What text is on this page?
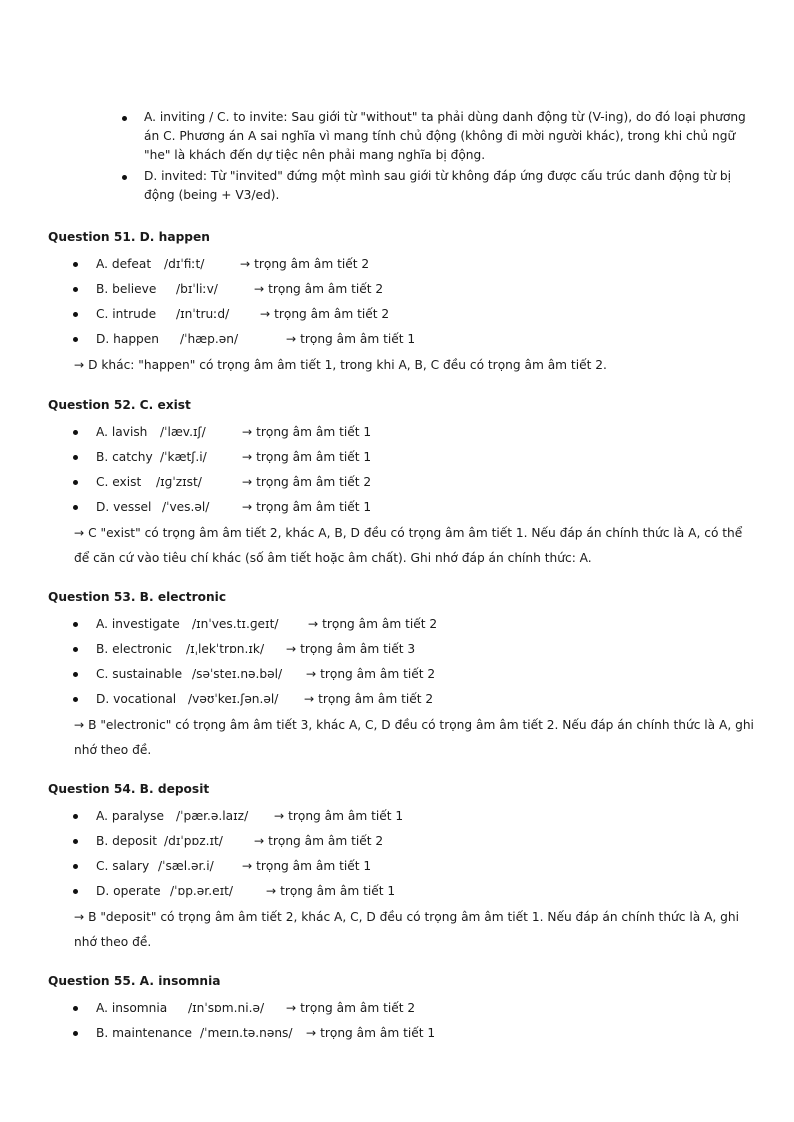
A. inviting / C. to invite: Sau giới từ "without" ta phải dùng danh động từ (V-ing), do đó loại phương án C. Phương án A sai nghĩa vì mang tính chủ động (không đi mời người khác), trong khi chủ ngữ "he" là khách đến dự tiệc nên phải mang nghĩa bị động.
D. invited: Từ "invited" đứng một mình sau giới từ không đáp ứng được cấu trúc danh động từ bị động (being + V3/ed).
Question 51. D. happen
A. defeat /dɪˈfiːt/	→ trọng âm âm tiết 2
B. believe /bɪˈliːv/	→ trọng âm âm tiết 2
C. intrude /ɪnˈtruːd/	→ trọng âm âm tiết 2
D. happen /ˈhæp.ən/	→ trọng âm âm tiết 1
→ D khác: "happen" có trọng âm âm tiết 1, trong khi A, B, C đều có trọng âm âm tiết 2.
Question 52. C. exist
A. lavish /ˈlæv.ɪʃ/	→ trọng âm âm tiết 1
B. catchy /ˈkætʃ.i/	→ trọng âm âm tiết 1
C. exist /ɪɡˈzɪst/	→ trọng âm âm tiết 2
D. vessel /ˈves.əl/	→ trọng âm âm tiết 1
→ C "exist" có trọng âm âm tiết 2, khác A, B, D đều có trọng âm âm tiết 1. Nếu đáp án chính thức là A, có thể để căn cứ vào tiêu chí khác (số âm tiết hoặc âm chất). Ghi nhớ đáp án chính thức: A.
Question 53. B. electronic
A. investigate /ɪnˈves.tɪ.ɡeɪt/ → trọng âm âm tiết 2
B. electronic /ɪˌlekˈtrɒn.ɪk/ → trọng âm âm tiết 3
C. sustainable /səˈsteɪ.nə.bəl/ → trọng âm âm tiết 2
D. vocational /vəʊˈkeɪ.ʃən.əl/ → trọng âm âm tiết 2
→ B "electronic" có trọng âm âm tiết 3, khác A, C, D đều có trọng âm âm tiết 2. Nếu đáp án chính thức là A, ghi nhớ theo đề.
Question 54. B. deposit
A. paralyse /ˈpær.ə.laɪz/ → trọng âm âm tiết 1
B. deposit /dɪˈpɒz.ɪt/	→ trọng âm âm tiết 2
C. salary /ˈsæl.ər.i/ → trọng âm âm tiết 1
D. operate /ˈɒp.ər.eɪt/	→ trọng âm âm tiết 1
→ B "deposit" có trọng âm âm tiết 2, khác A, C, D đều có trọng âm âm tiết 1. Nếu đáp án chính thức là A, ghi nhớ theo đề.
Question 55. A. insomnia
A. insomnia /ɪnˈsɒm.ni.ə/ → trọng âm âm tiết 2
B. maintenance /ˈmeɪn.tə.nəns/ → trọng âm âm tiết 1
